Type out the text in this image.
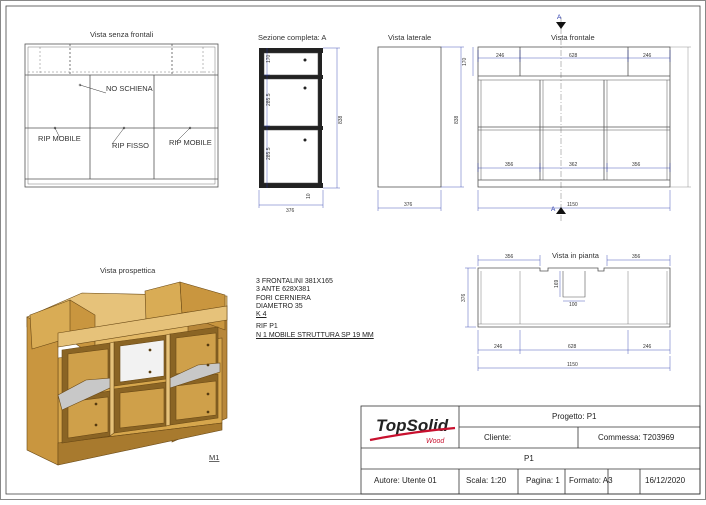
Vista senza frontali	Sezione completa: A	Vista laterale	Vista frontale
Vista in pianta
Vista prospettica
NO SCHIENA
RIP MOBILE
RIP FISSO	RIP MOBILE
170
285.5
285.5
838
376
10
838
376
A
A
246	628	246
170
356	362	356
1150
356	356
169
100
376
246	628	246
1150
M1
TopSolid
Wood
3 FRONTALINI 381X165
3 ANTE 628X381
FORI CERNIERA
DIAMETRO 35
K 4
RIF P1
N 1 MOBILE STRUTTURA SP 19 MM
Progetto: P1
Cliente:	Commessa: T203969
P1
Autore: Utente 01	Scala: 1:20 Pagina: 1 Formato: A3	16/12/2020
